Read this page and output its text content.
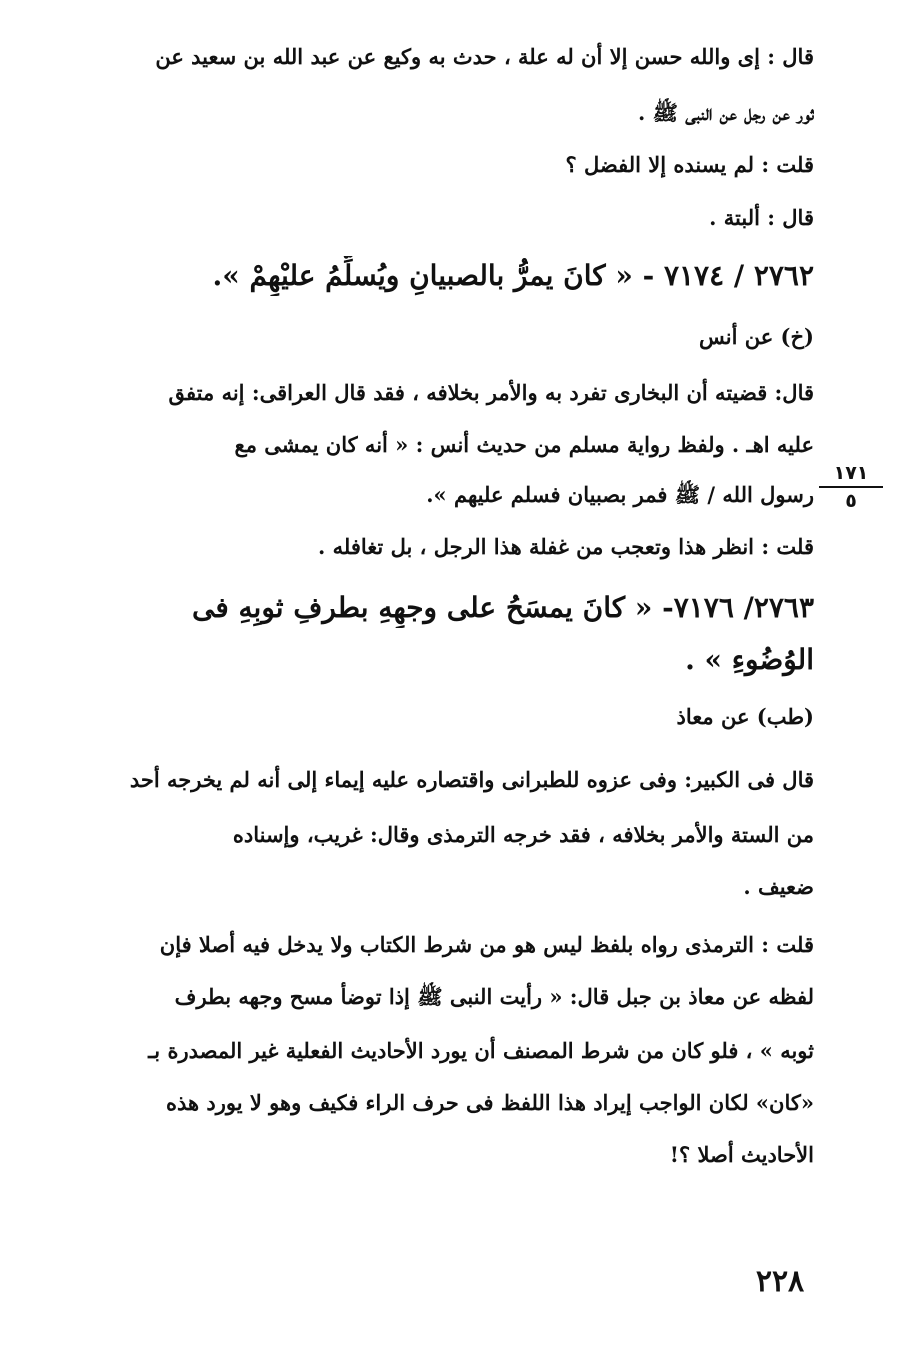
قال : إى والله حسن إلا أن له علة ، حدث به وكيع عن عبد الله بن سعيد عن
ثور عن رجل عن النبى ﷺ .
قلت : لم يسنده إلا الفضل ؟
قال : ألبتة .
٢٧٦٢ / ٧١٧٤ - « كانَ يمرُّ بالصبيانِ ويُسلِّمُ عليْهِمْ ».
(خ) عن أنس
قال: قضيته أن البخارى تفرد به والأمر بخلافه ، فقد قال العراقى: إنه متفق
عليه اهـ . ولفظ رواية مسلم من حديث أنس : « أنه كان يمشى مع
رسول الله / ﷺ فمر بصبيان فسلم عليهم ».
قلت : انظر هذا وتعجب من غفلة هذا الرجل ، بل تغافله .
٢٧٦٣/ ٧١٧٦- « كانَ يمسَحُ على وجهِهِ بطرفِ ثوبِهِ فى
الوُضُوءِ » .
(طب) عن معاذ
قال فى الكبير: وفى عزوه للطبرانى واقتصاره عليه إيماء إلى أنه لم يخرجه أحد
من الستة والأمر بخلافه ، فقد خرجه الترمذى وقال: غريب، وإسناده
ضعيف .
قلت : الترمذى رواه بلفظ ليس هو من شرط الكتاب ولا يدخل فيه أصلا فإن
لفظه عن معاذ بن جبل قال: « رأيت النبى ﷺ إذا توضأ مسح وجهه بطرف
ثوبه » ، فلو كان من شرط المصنف أن يورد الأحاديث الفعلية غير المصدرة بـ
«كان» لكان الواجب إيراد هذا اللفظ فى حرف الراء فكيف وهو لا يورد هذه
الأحاديث أصلا ؟!
١٧١
٥
٢٢٨
